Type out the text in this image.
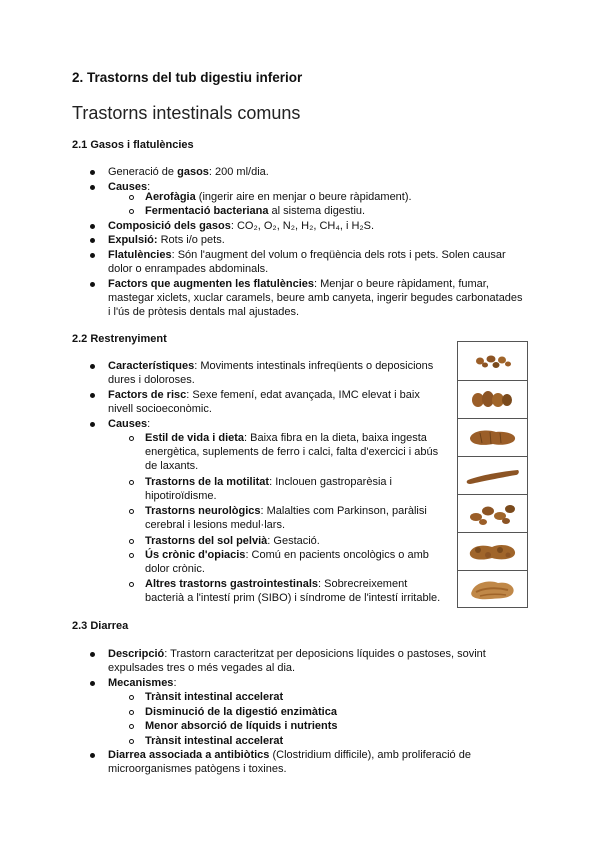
2. Trastorns del tub digestiu inferior
Trastorns intestinals comuns
2.1 Gasos i flatulències
Generació de gasos: 200 ml/dia.
Causes:
Aerofàgia (ingerir aire en menjar o beure ràpidament).
Fermentació bacteriana al sistema digestiu.
Composició dels gasos: CO₂, O₂, N₂, H₂, CH₄, i H₂S.
Expulsió: Rots i/o pets.
Flatulències: Són l'augment del volum o freqüència dels rots i pets. Solen causar
dolor o enrampades abdominals.
Factors que augmenten les flatulències: Menjar o beure ràpidament, fumar,
mastegar xiclets, xuclar caramels, beure amb canyeta, ingerir begudes carbonatades
i l'ús de pròtesis dentals mal ajustades.
2.2 Restrenyiment
Característiques: Moviments intestinals infreqüents o deposicions
dures i doloroses.
Factors de risc: Sexe femení, edat avançada, IMC elevat i baix
nivell socioeconòmic.
Causes:
Estil de vida i dieta: Baixa fibra en la dieta, baixa ingesta
energètica, suplements de ferro i calci, falta d'exercici i abús
de laxants.
Trastorns de la motilitat: Inclouen gastroparèsia i
hipotiroïdisme.
Trastorns neurològics: Malalties com Parkinson, paràlisi
cerebral i lesions medul·lars.
Trastorns del sol pelvià: Gestació.
Ús crònic d'opiacis: Comú en pacients oncològics o amb
dolor crònic.
Altres trastorns gastrointestinals: Sobrecreixement
bacterià a l'intestí prim (SIBO) i síndrome de l'intestí irritable.
2.3 Diarrea
Descripció: Trastorn caracteritzat per deposicions líquides o pastoses, sovint
expulsades tres o més vegades al dia.
Mecanismes:
Trànsit intestinal accelerat
Disminució de la digestió enzimàtica
Menor absorció de líquids i nutrients
Trànsit intestinal accelerat
Diarrea associada a antibiòtics (Clostridium difficile), amb proliferació de
microorganismes patògens i toxines.
